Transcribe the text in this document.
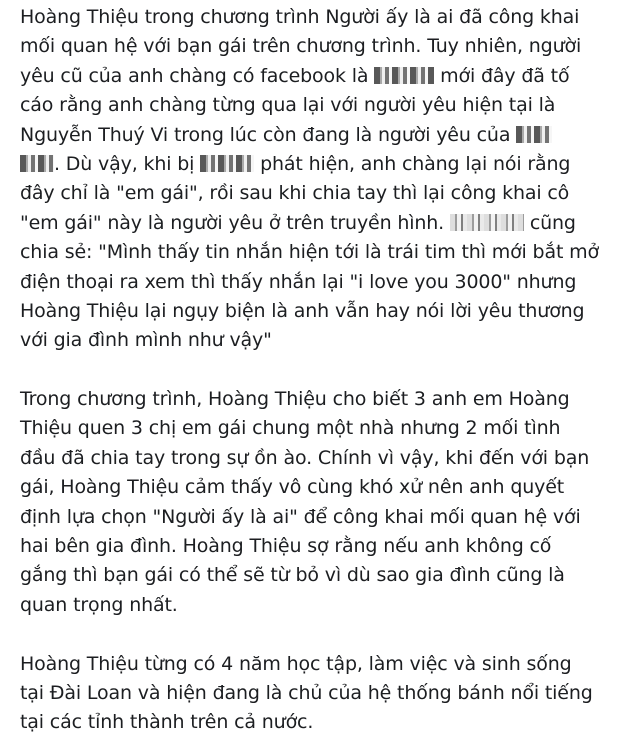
Hoàng Thiệu trong chương trình Người ấy là ai đã công khai
mối quan hệ với bạn gái trên chương trình. Tuy nhiên, người
yêu cũ của anh chàng có facebook là	mới đây đã tố
cáo rằng anh chàng từng qua lại với người yêu hiện tại là
Nguyễn Thuý Vi trong lúc còn đang là người yêu của
. Dù vậy, khi bị	phát hiện, anh chàng lại nói rằng
đây chỉ là "em gái", rồi sau khi chia tay thì lại công khai cô
"em gái" này là người yêu ở trên truyền hình.	cũng
chia sẻ: "Mình thấy tin nhắn hiện tới là trái tim thì mới bắt mở
điện thoại ra xem thì thấy nhắn lại "i love you 3000" nhưng
Hoàng Thiệu lại ngụy biện là anh vẫn hay nói lời yêu thương
với gia đình mình như vậy"
Trong chương trình, Hoàng Thiệu cho biết 3 anh em Hoàng
Thiệu quen 3 chị em gái chung một nhà nhưng 2 mối tình
đầu đã chia tay trong sự ồn ào. Chính vì vậy, khi đến với bạn
gái, Hoàng Thiệu cảm thấy vô cùng khó xử nên anh quyết
định lựa chọn "Người ấy là ai" để công khai mối quan hệ với
hai bên gia đình. Hoàng Thiệu sợ rằng nếu anh không cố
gắng thì bạn gái có thể sẽ từ bỏ vì dù sao gia đình cũng là
quan trọng nhất.
Hoàng Thiệu từng có 4 năm học tập, làm việc và sinh sống
tại Đài Loan và hiện đang là chủ của hệ thống bánh nổi tiếng
tại các tỉnh thành trên cả nước.
